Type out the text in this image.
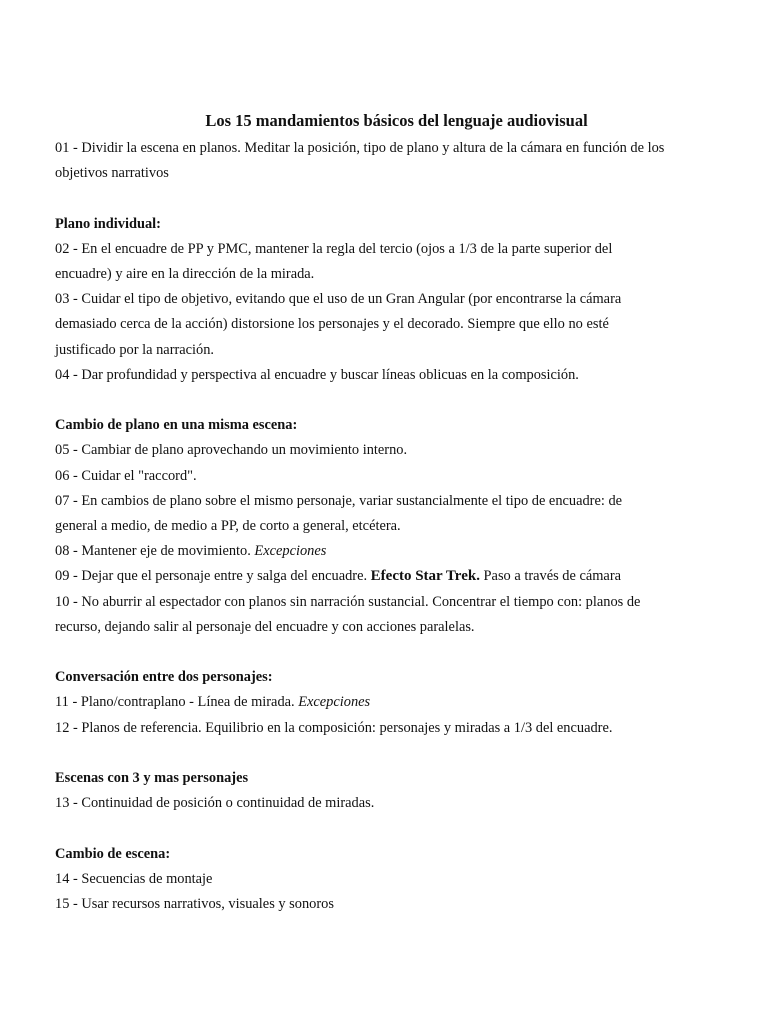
Los 15 mandamientos básicos del lenguaje audiovisual
01 - Dividir la escena en planos. Meditar la posición, tipo de plano y altura de la cámara en función de los
objetivos narrativos
Plano individual:
02 - En el encuadre de PP y PMC, mantener la regla del tercio (ojos a 1/3 de la parte superior del
encuadre) y aire en la dirección de la mirada.
03 - Cuidar el tipo de objetivo, evitando que el uso de un Gran Angular (por encontrarse la cámara
demasiado cerca de la acción) distorsione los personajes y el decorado. Siempre que ello no esté
justificado por la narración.
04 - Dar profundidad y perspectiva al encuadre y buscar líneas oblicuas en la composición.
Cambio de plano en una misma escena:
05 - Cambiar de plano aprovechando un movimiento interno.
06 - Cuidar el "raccord".
07 - En cambios de plano sobre el mismo personaje, variar sustancialmente el tipo de encuadre: de
general a medio, de medio a PP, de corto a general, etcétera.
08 - Mantener eje de movimiento. Excepciones
09 - Dejar que el personaje entre y salga del encuadre. Efecto Star Trek. Paso a través de cámara
10 - No aburrir al espectador con planos sin narración sustancial. Concentrar el tiempo con: planos de
recurso, dejando salir al personaje del encuadre y con acciones paralelas.
Conversación entre dos personajes:
11 - Plano/contraplano - Línea de mirada. Excepciones
12 - Planos de referencia. Equilibrio en la composición: personajes y miradas a 1/3 del encuadre.
Escenas con 3 y mas personajes
13 - Continuidad de posición o continuidad de miradas.
Cambio de escena:
14 - Secuencias de montaje
15 - Usar recursos narrativos, visuales y sonoros
